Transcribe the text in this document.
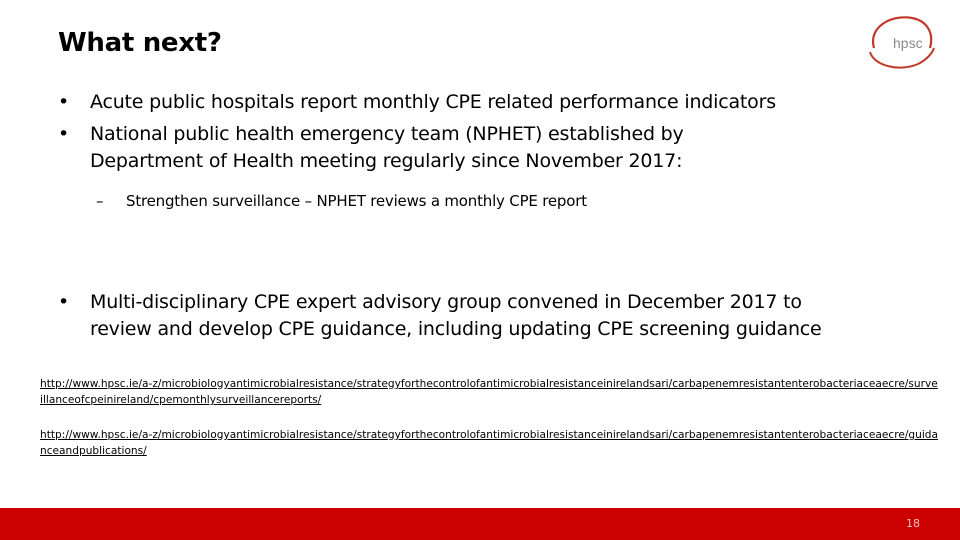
What next?	hpsc
•	Acute public hospitals report monthly CPE related performance indicators
•	National public health emergency team (NPHET) established by Department of Health meeting regularly since November 2017:
–	Strengthen surveillance – NPHET reviews a monthly CPE report
•	Multi-disciplinary CPE expert advisory group convened in December 2017 to review and develop CPE guidance, including updating CPE screening guidance
http://www.hpsc.ie/a-z/microbiologyantimicrobialresistance/strategyforthecontrolofantimicrobialresistanceinirelandsari/carbapenemresistantenterobacteriaceaecre/surveillanceofcpeinireland/cpemonthlysurveillancereports/
http://www.hpsc.ie/a-z/microbiologyantimicrobialresistance/strategyforthecontrolofantimicrobialresistanceinirelandsari/carbapenemresistantenterobacteriaceaecre/guidanceandpublications/
18
